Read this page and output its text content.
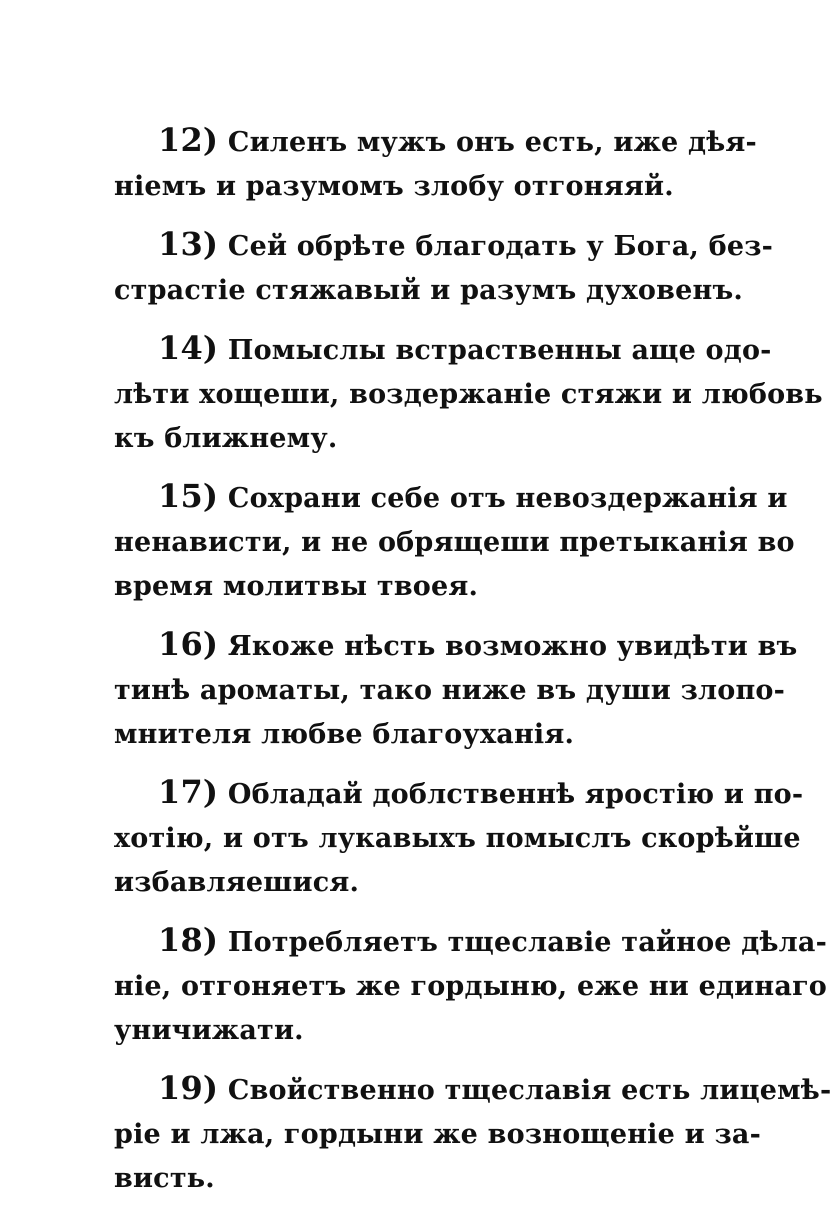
12) Силенъ мужъ онъ есть, иже дѣя-
нiемъ и разумомъ злобу отгоняяй.

13) Сей обрѣте благодать у Бога, без-
страстiе стяжавый и разумъ духовенъ.

14) Помыслы встраственны аще одо-
лѣти хощеши, воздержанiе стяжи и любовь
къ ближнему.

15) Сохрани себе отъ невоздержанiя и
ненависти, и не обрящеши претыканiя во
время молитвы твоея.

16) Якоже нѣсть возможно увидѣти въ
тинѣ ароматы, тако ниже въ души злопо-
мнителя любве благоуханiя.

17) Обладай доблственнѣ яростiю и по-
хотiю, и отъ лукавыхъ помыслъ скорѣйше
избавляешися.

18) Потребляетъ тщеславiе тайное дѣла-
нiе, отгоняетъ же гордыню, еже ни единаго
уничижати.

19) Свойственно тщеславiя есть лицемѣ-
рiе и лжа, гордыни же вознощенiе и за-
висть.
